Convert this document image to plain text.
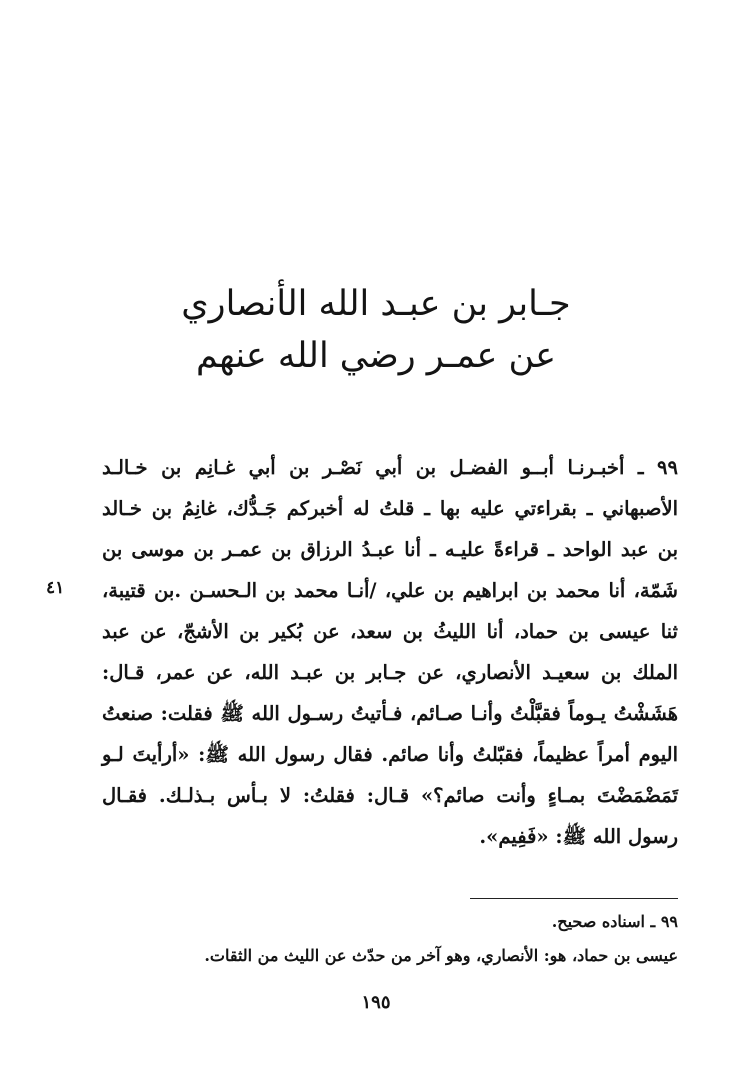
جـابر بن عبـد الله الأنصاري
عن عمـر رضي الله عنهم
٩٩ ـ أخبـرنـا أبــو الفضـل بن أبي نَصْـر بن أبي غـانِم بن خـالـد
الأصبهاني ـ بقراءتي عليه بها ـ قلتُ له أخبركم جَـدُّك، غانِمُ بن خـالد
بن عبد الواحد ـ قراءةً عليـه ـ أنا عبـدُ الرزاق بن عمـر بن موسى بن
شَمّة، أنا محمد بن ابراهيم بن علي، /أنـا محمد بن الـحسـن .بن قتيبة،
ثنا عيسى بن حماد، أنا الليثُ بن سعد، عن بُكير بن الأشجّ، عن عبد
الملك بن سعيـد الأنصاري، عن جـابر بن عبـد الله، عن عمر، قـال:
هَشَشْتُ يـوماً فقبَّلْتُ وأنـا صـائم، فـأتيتُ رسـول الله ﷺ فقلت: صنعتُ
اليوم أمراً عظيماً، فقبّلتُ وأنا صائم. فقال رسول الله ﷺ: «أرأيتَ لـو
تَمَضْمَضْتَ بمـاءٍ وأنت صائم؟» قـال: فقلتُ: لا بـأس بـذلـك. فقـال
رسول الله ﷺ: «فَفِيم».
٤١
٩٩ ـ اسناده صحيح.
عيسى بن حماد، هو: الأنصاري، وهو آخر من حدّث عن الليث من الثقات.
١٩٥
